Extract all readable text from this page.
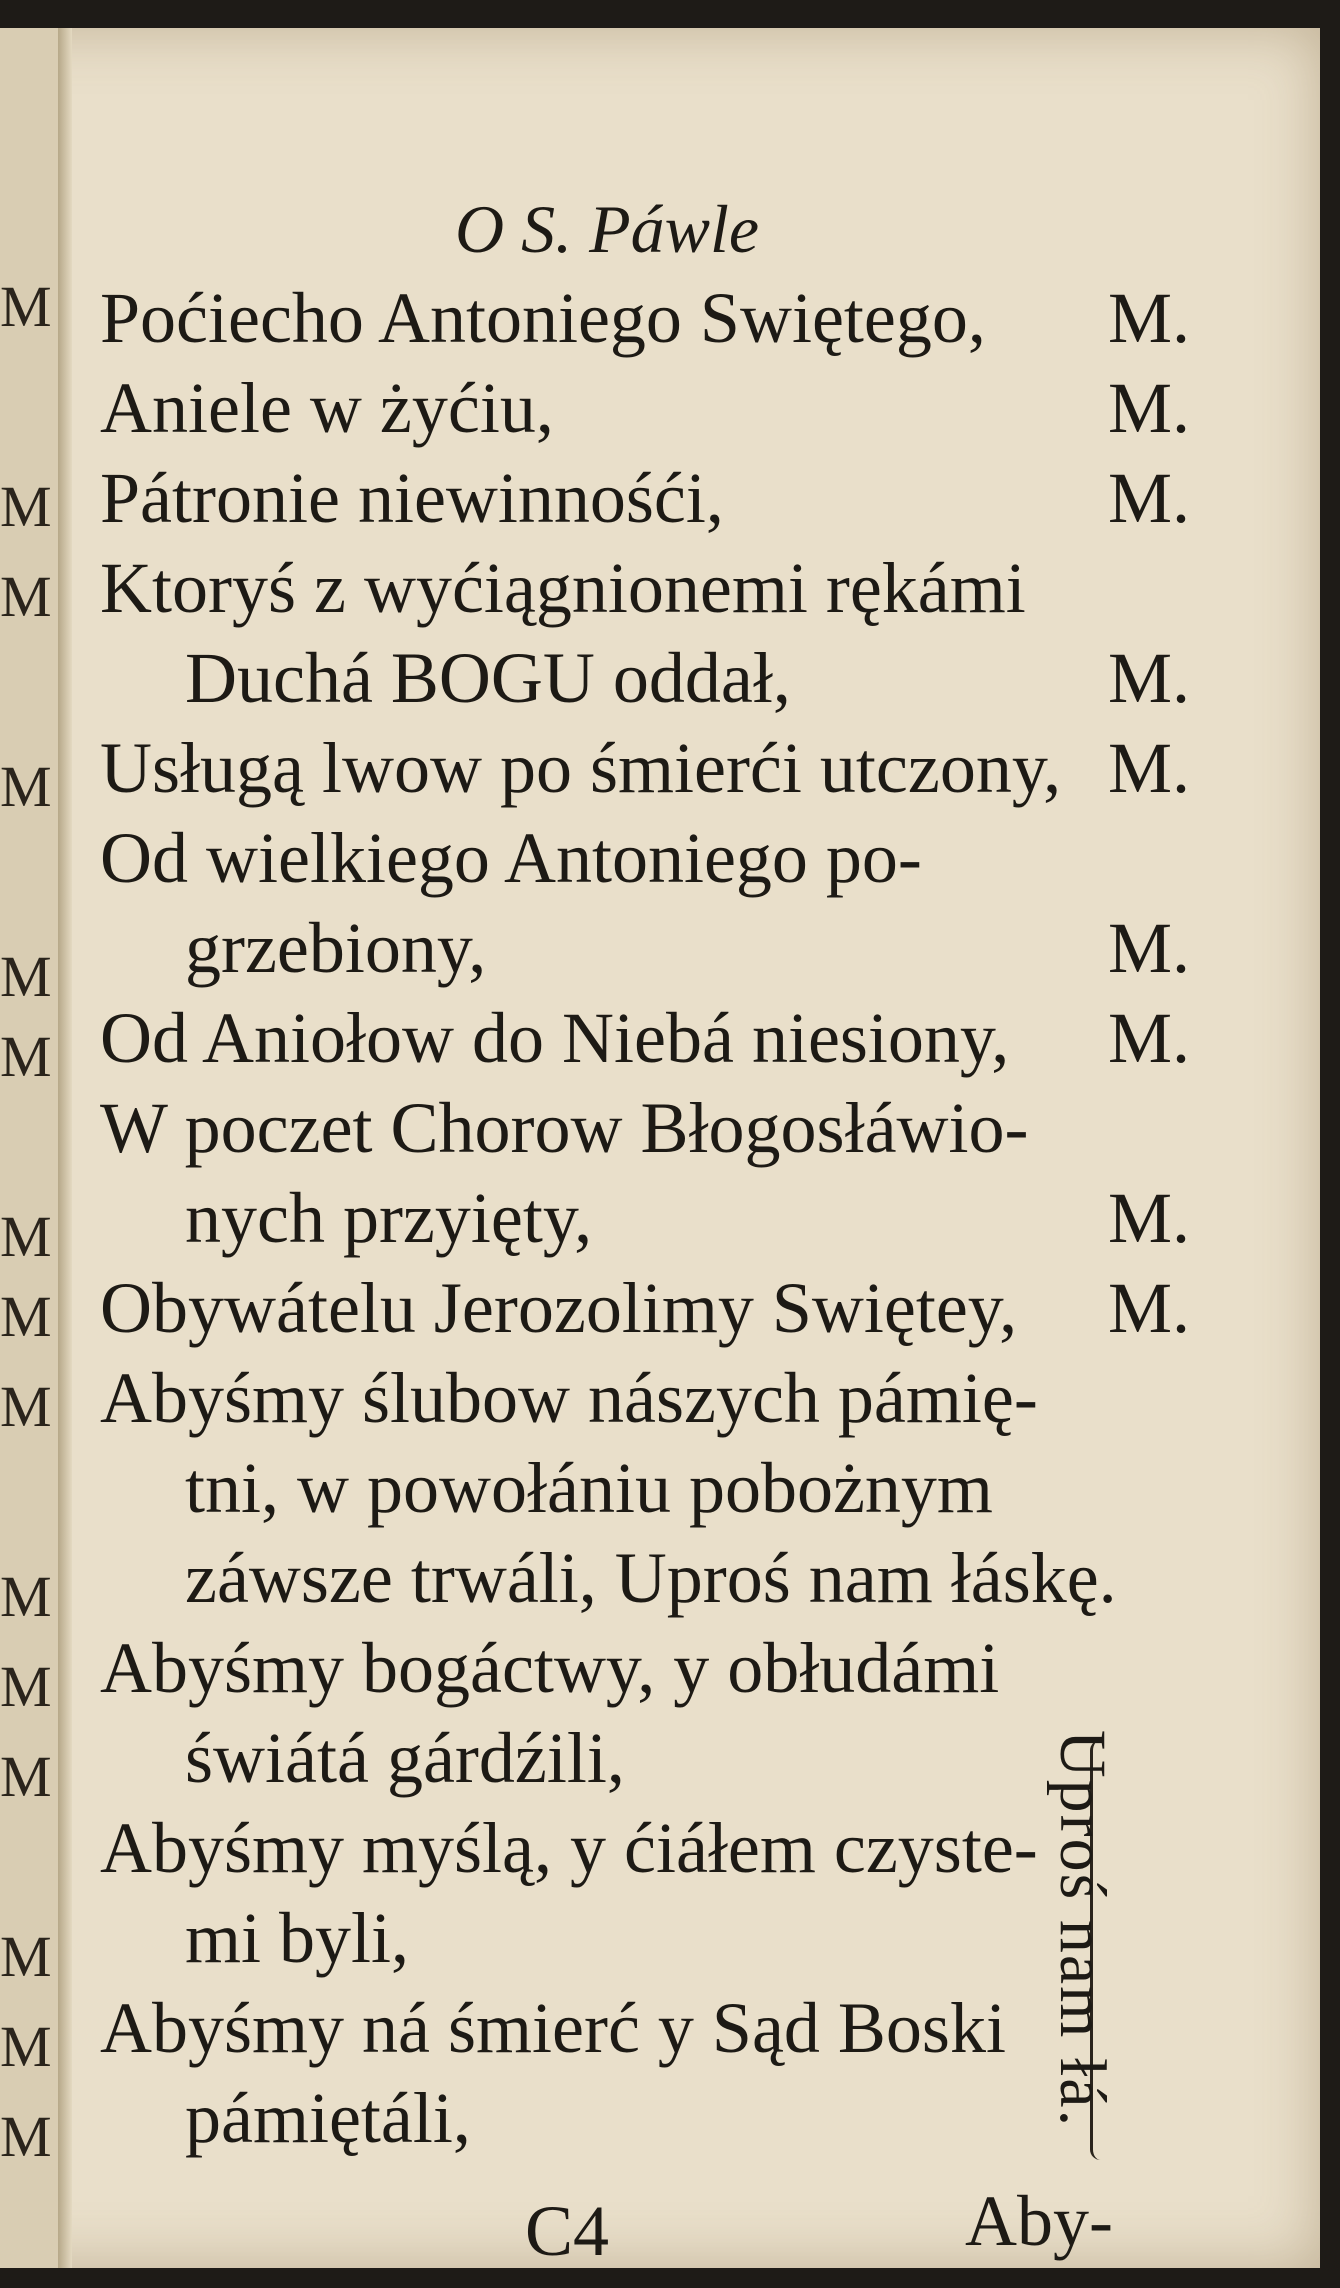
M
M
M
M
M
M
M
M
M
M
M
M
M
M
M
O S. Páwle
Poćiecho Antoniego Swiętego, M.
Aniele w żyćiu,	M.
Pátronie niewinnośći,	M.
Ktoryś z wyćiągnionemi rękámi
Duchá BOGU oddał,	M.
Usługą lwow po śmierći utczony, M.
Od wielkiego Antoniego po-
grzebiony,	M.
Od Aniołow do Niebá niesiony, M.
W poczet Chorow Błogosłáwio-
nych przyięty,	M.
Obywátelu Jerozolimy Swiętey, M.
Abyśmy ślubow nászych pámię-
tni, w powołániu pobożnym
záwsze trwáli, Uproś nam łáskę.
Abyśmy bogáctwy, y obłudámi
świátá gárdźili,
Abyśmy myślą, y ćiáłem czyste-
mi byli,
Abyśmy ná śmierć y Sąd Boski
pámiętáli,	Uproś nam łá.
C4	Aby-
